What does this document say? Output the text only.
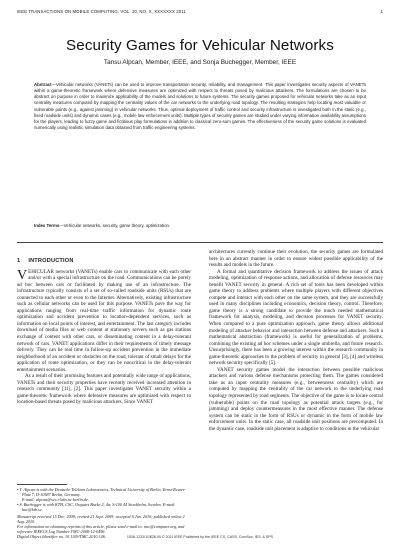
IEEE TRANSACTIONS ON MOBILE COMPUTING, VOL. 10, NO. X, XXXXXXX 2011	1
Security Games for Vehicular Networks
Tansu Alpcan, Member, IEEE, and Sonja Buchegger, Member, IEEE
Abstract—Vehicular networks (VANETs) can be used to improve transportation security, reliability, and management. This paper investigates security aspects of VANETs within a game-theoretic framework where defensive measures are optimized with respect to threats posed by malicious attackers. The formulations are chosen to be abstract on purpose in order to maximize applicability of the models and solutions to future systems. The security games proposed for vehicular networks take as an input centrality measures computed by mapping the centrality values of the car networks to the underlying road topology. The resulting strategies help locating most valuable or vulnerable points (e.g., against jamming) in vehicular networks. Thus, optimal deployment of traffic control and security infrastructure is investigated both in the static (e.g., fixed roadside units) and dynamic cases (e.g., mobile law enforcement units). Multiple types of security games are studied under varying information availability assumptions for the players, leading to fuzzy game and fictitious play formulations in addition to classical zero-sum games. The effectiveness of the security game solutions is evaluated numerically using realistic simulation data obtained from traffic engineering systems.
Index Terms—Vehicular networks, security, game theory, optimization.
1 INTRODUCTION

VEHICULAR networks (VANETs) enable cars to communicate with each other and/or with a special infrastructure on the road. Communications can be purely ad hoc between cars or facilitated by making use of an infrastructure. The infrastructure typically consists of a set of so-called roadside units (RSUs) that are connected to each other or even to the Internet. Alternatively, existing infrastructure such as cellular networks can be used for this purpose. VANETs pave the way for applications ranging from real-time traffic information for dynamic route optimization and accident prevention to location-dependent services, such as information on local points of interest, and entertainment. The last category includes download of media files or web content at stationary servers such as gas stations exchange of content with other cars, or disseminating content in a delay-tolerant network of cars. VANET applications differ in their requirements of timely message delivery. They can be real time in follow-up accident prevention in the immediate neighborhood of an accident or obstacles on the road, tolerant of small delays for the application of route optimization, or they can be noncritical in the delay-tolerant entertainment scenarios.

As a result of their promising features and potentially wide range of applications, VANETs and their security properties have recently received increased attention in research community [11], [2]. This paper investigates VANET security within a game-theoretic framework where defensive measures are optimized with respect to location-based threats posed by malicious attackers. Since VANET

architectures currently continue their evolution, the security games are formulated here in an abstract manner in order to ensure widest possible applicability of the results and models in the future.

A formal and quantitative decision framework to address the issues of attack modeling, optimization of response actions, and allocation of defense resources may benefit VANET security in general. A rich set of tools has been developed within game theory to address problems where multiple players with different objectives compete and interact with each other on the same system, and they are successfully used in many disciplines including economics, decision theory, control. Therefore, game theory is a strong candidate to provide the much needed mathematical framework for analysis, modeling, and decision processes for VANET security. When compared to a pure optimization approach, game theory allows additional modeling of attacker behavior and interaction between defense and attackers. Such a mathematical abstraction (framework) is useful for generalization of problems, combining the existing ad hoc schemes under a single umbrella, and future research. Unsurprisingly, there has been a growing interest within the research community in game-theoretic approaches to the problem of security in general [3], [4] and wireless network security specifically [5].

VANET security games model the interaction between possible malicious attackers and various defense mechanisms protecting them. The games considered take as an input centrality measures (e.g., betweenness centrality) which are computed by mapping the centrality of the car network to the underlying road topology represented by road segments. The objective of the game is to locate central (vulnerable) points on the road topology as potential attack targets (e.g., for jamming) and deploy countermeasures in the most effective manner. The defense system can be static in the form of RSUs or dynamic in the form of mobile law enforcement units. In the static case, all roadside unit positions are precomputed. In the dynamic case, roadside unit placement is adaptive to conditions in the vehicular

• T. Alpcan is with the Deutsche Telekom Laboratories, Technical University of Berlin, Ernst-Reuter-Platz 7, D-10587 Berlin, Germany.
E-mail: alpcan@sec.t-labs.tu-berlin.de.
• S. Buchegger is with KTH, CSC, Osquars Backe 2, 4tr, S-100 44 Stockholm, Sweden. E-mail: buc@kth.se.
Manuscript received 15 Dec. 2008; revised 21 Sept. 2009; accepted 6 Jan. 2010; published online 2 Aug. 2010.
For information on obtaining reprints of this article, please send e-mail to: tmc@computer.org, and reference IEEECS Log Number TMC-2008-12-0496.
Digital Object Identifier no. 10.1109/TMC.2010.146.	1536-1233/11/$26.00 © 2011 IEEE Published by the IEEE CS, CASS, ComSoc, IES, & SPS
